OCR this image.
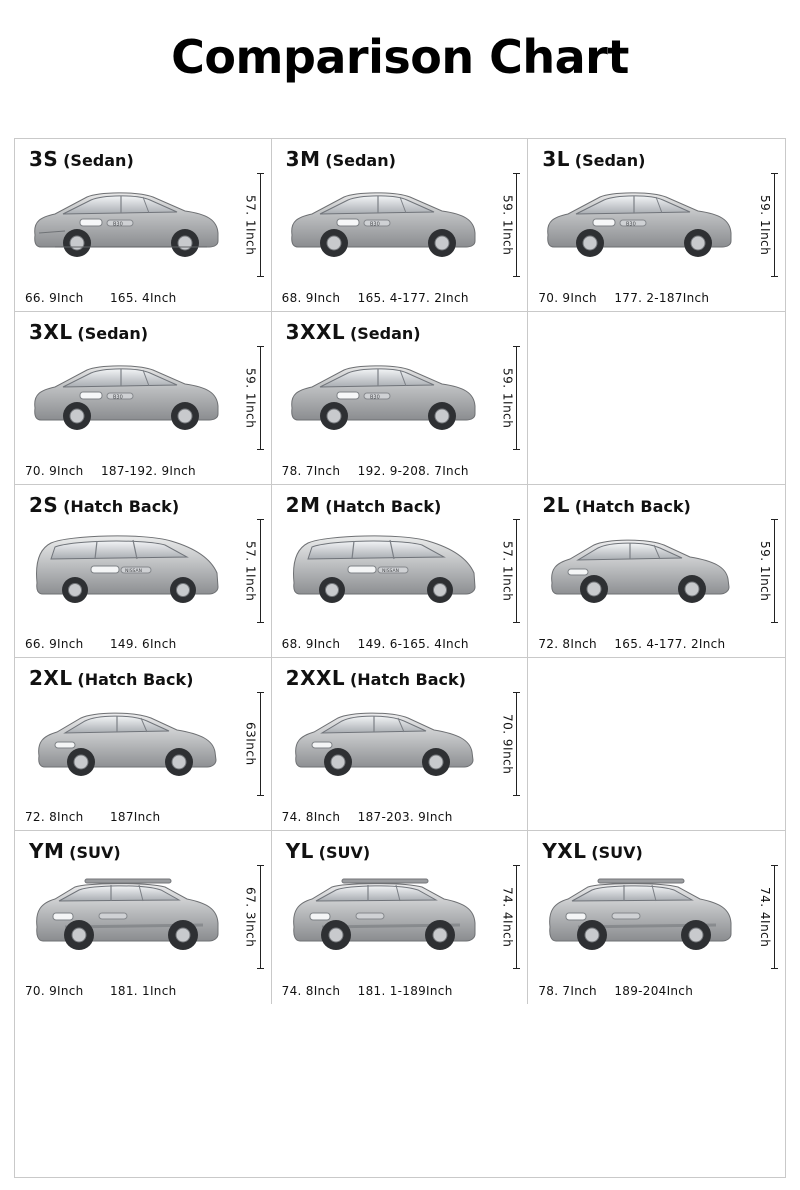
Comparison Chart
3S (Sedan)
B30	57. 1Inch
66. 9Inch 165. 4Inch
3M (Sedan)
B30	59. 1Inch
68. 9Inch 165. 4-177. 2Inch
3L (Sedan)
B30	59. 1Inch
70. 9Inch 177. 2-187Inch
3XL (Sedan)
B30	59. 1Inch
70. 9Inch 187-192. 9Inch
3XXL (Sedan)
B30	59. 1Inch
78. 7Inch 192. 9-208. 7Inch
2S (Hatch Back)
NISSAN	57. 1Inch
66. 9Inch 149. 6Inch
2M (Hatch Back)
NISSAN	57. 1Inch
68. 9Inch 149. 6-165. 4Inch
2L (Hatch Back)
59. 1Inch
72. 8Inch 165. 4-177. 2Inch
2XL (Hatch Back)
63Inch
72. 8Inch 187Inch
2XXL (Hatch Back)
70. 9Inch
74. 8Inch 187-203. 9Inch
YM (SUV)
67. 3Inch
70. 9Inch 181. 1Inch
YL (SUV)
74. 4Inch
74. 8Inch 181. 1-189Inch
YXL (SUV)
74. 4Inch
78. 7Inch 189-204Inch
